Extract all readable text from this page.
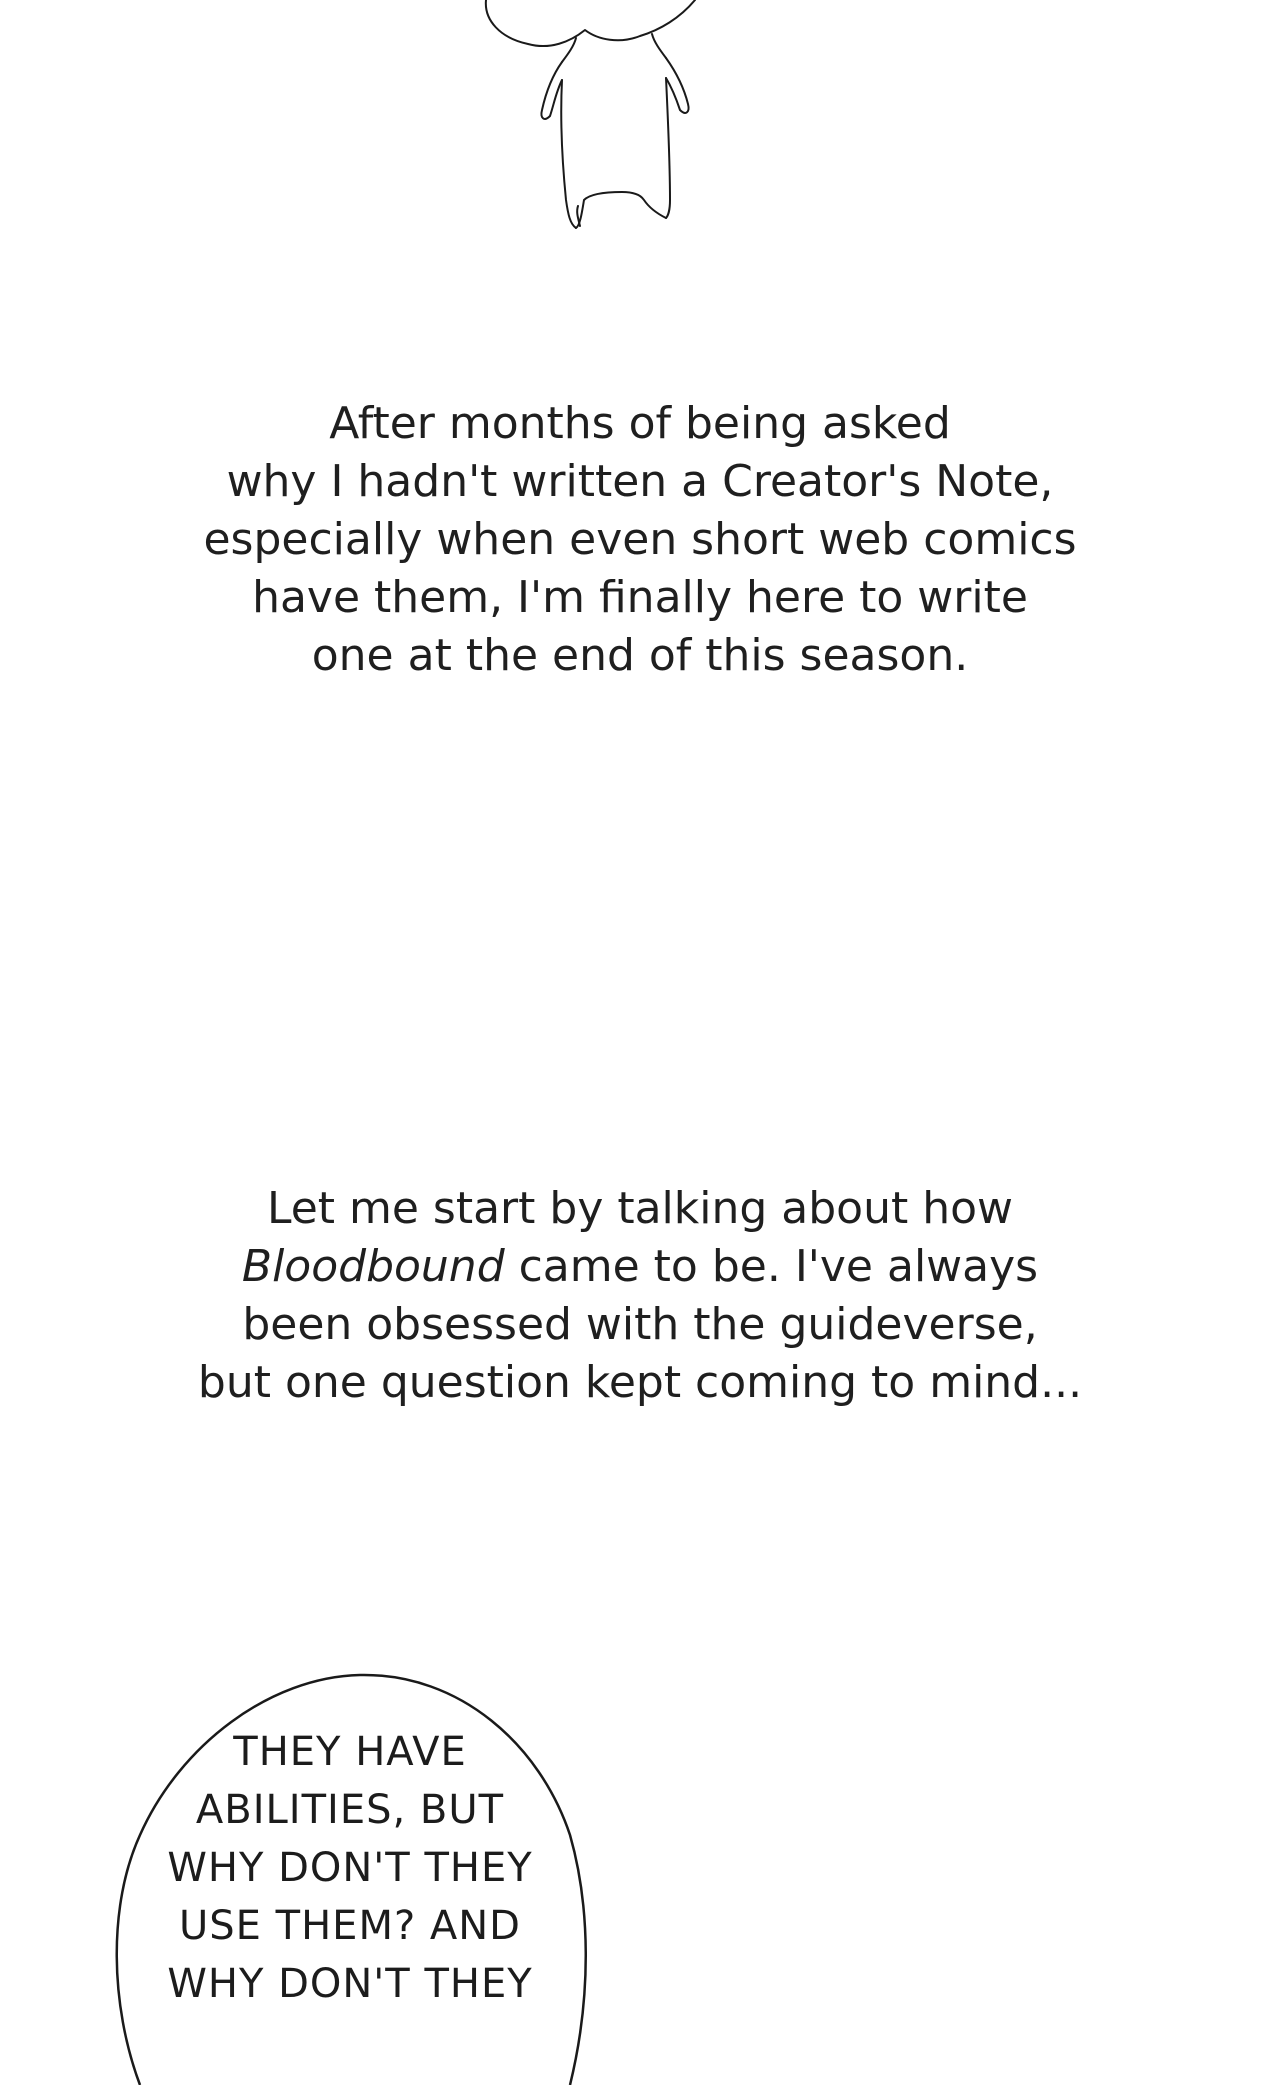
After months of being asked
why I hadn't written a Creator's Note,
especially when even short web comics
have them, I'm finally here to write
one at the end of this season.
Let me start by talking about how
Bloodbound came to be. I've always
been obsessed with the guideverse,
but one question kept coming to mind...
THEY HAVE
ABILITIES, BUT
WHY DON'T THEY
USE THEM? AND
WHY DON'T THEY
